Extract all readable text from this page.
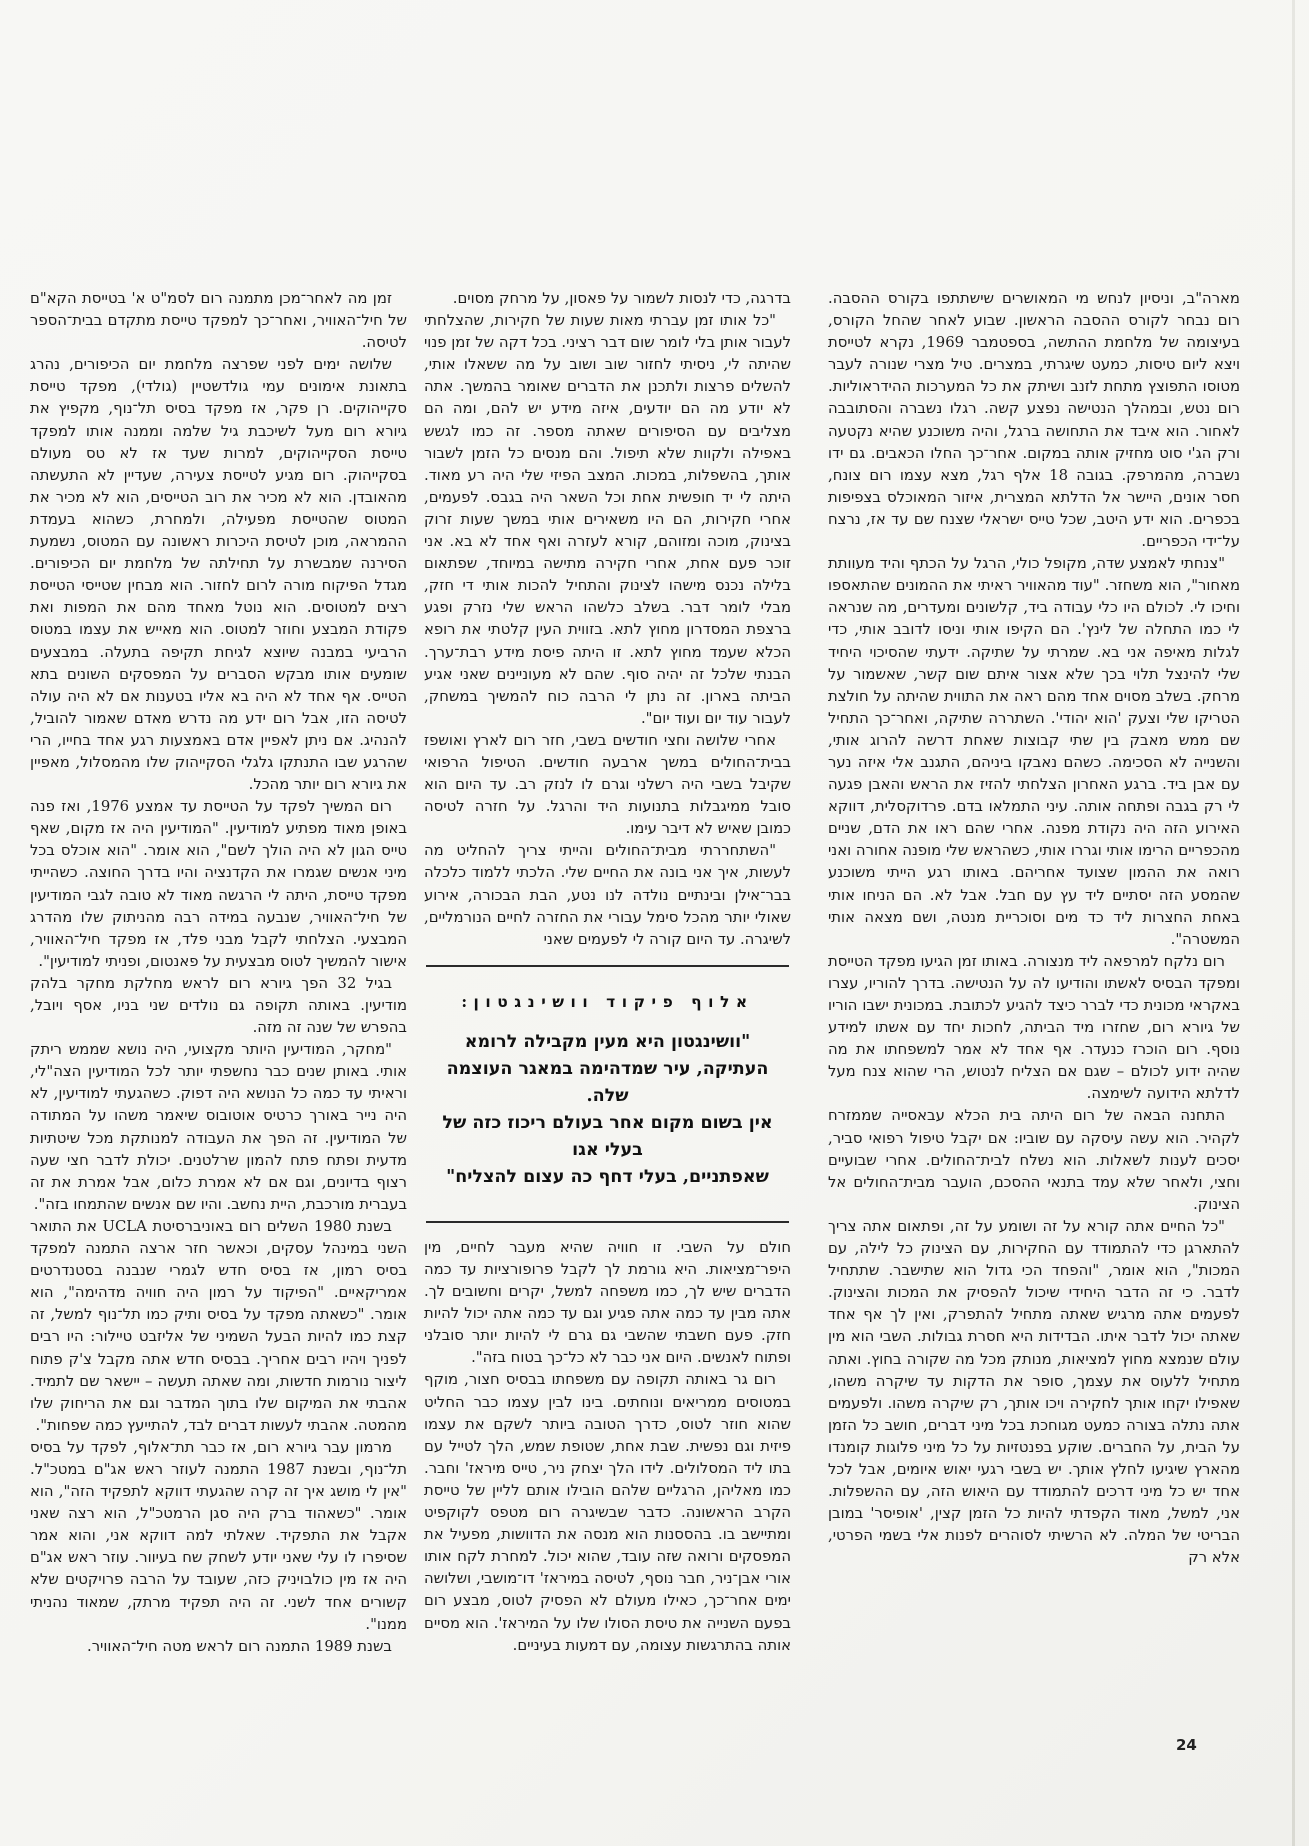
מארה"ב, וניסיון לנחש מי המאושרים שישתתפו בקורס ההסבה. רום נבחר לקורס ההסבה הראשון. שבוע לאחר שהחל הקורס, בעיצומה של מלחמת ההתשה, בספטמבר 1969, נקרא לטייסת ויצא ליום טיסות, כמעט שיגרתי, במצרים. טיל מצרי שנורה לעבר מטוסו התפוצץ מתחת לזנב ושיתק את כל המערכות ההידראוליות. רום נטש, ובמהלך הנטישה נפצע קשה. רגלו נשברה והסתובבה לאחור. הוא איבד את התחושה ברגל, והיה משוכנע שהיא נקטעה ורק הג'י סוט מחזיק אותה במקום. אחר־כך החלו הכאבים. גם ידו נשברה, מהמרפק. בגובה 18 אלף רגל, מצא עצמו רום צונח, חסר אונים, היישר אל הדלתא המצרית, איזור המאוכלס בצפיפות בכפרים. הוא ידע היטב, שכל טייס ישראלי שצנח שם עד אז, נרצח על־ידי הכפריים.
"צנחתי לאמצע שדה, מקופל כולי, הרגל על הכתף והיד מעוותת מאחור", הוא משחזר. "עוד מהאוויר ראיתי את ההמונים שהתאספו וחיכו לי. לכולם היו כלי עבודה ביד, קלשונים ומעדרים, מה שנראה לי כמו התחלה של לינץ'. הם הקיפו אותי וניסו לדובב אותי, כדי לגלות מאיפה אני בא. שמרתי על שתיקה. ידעתי שהסיכוי היחיד שלי להינצל תלוי בכך שלא אצור איתם שום קשר, שאשמור על מרחק. בשלב מסוים אחד מהם ראה את התווית שהיתה על חולצת הטריקו שלי וצעק 'הוא יהודי'. השתררה שתיקה, ואחר־כך התחיל שם ממש מאבק בין שתי קבוצות שאחת דרשה להרוג אותי, והשנייה לא הסכימה. כשהם נאבקו ביניהם, התגנב אלי איזה נער עם אבן ביד. ברגע האחרון הצלחתי להזיז את הראש והאבן פגעה לי רק בגבה ופתחה אותה. עיני התמלאו בדם. פרדוקסלית, דווקא האירוע הזה היה נקודת מפנה. אחרי שהם ראו את הדם, שניים מהכפריים הרימו אותי וגררו אותי, כשהראש שלי מופנה אחורה ואני רואה את ההמון שצועד אחריהם. באותו רגע הייתי משוכנע שהמסע הזה יסתיים ליד עץ עם חבל. אבל לא. הם הניחו אותי באחת החצרות ליד כד מים וסוכריית מנטה, ושם מצאה אותי המשטרה".
רום נלקח למרפאה ליד מנצורה. באותו זמן הגיעו מפקד הטייסת ומפקד הבסיס לאשתו והודיעו לה על הנטישה. בדרך להוריו, עצרו באקראי מכונית כדי לברר כיצד להגיע לכתובת. במכונית ישבו הוריו של גיורא רום, שחזרו מיד הביתה, לחכות יחד עם אשתו למידע נוסף. רום הוכרז כנעדר. אף אחד לא אמר למשפחתו את מה שהיה ידוע לכולם – שגם אם הצליח לנטוש, הרי שהוא צנח מעל לדלתא הידועה לשימצה.
התחנה הבאה של רום היתה בית הכלא עבאסייה שממזרח לקהיר. הוא עשה עיסקה עם שוביו: אם יקבל טיפול רפואי סביר, יסכים לענות לשאלות. הוא נשלח לבית־החולים. אחרי שבועיים וחצי, ולאחר שלא עמד בתנאי ההסכם, הועבר מבית־החולים אל הצינוק.
"כל החיים אתה קורא על זה ושומע על זה, ופתאום אתה צריך להתארגן כדי להתמודד עם החקירות, עם הצינוק כל לילה, עם המכות", הוא אומר, "והפחד הכי גדול הוא שתישבר. שתתחיל לדבר. כי זה הדבר היחידי שיכול להפסיק את המכות והצינוק. לפעמים אתה מרגיש שאתה מתחיל להתפרק, ואין לך אף אחד שאתה יכול לדבר איתו. הבדידות היא חסרת גבולות. השבי הוא מין עולם שנמצא מחוץ למציאות, מנותק מכל מה שקורה בחוץ. ואתה מתחיל ללעוס את עצמך, סופר את הדקות עד שיקרה משהו, שאפילו יקחו אותך לחקירה ויכו אותך, רק שיקרה משהו. ולפעמים אתה נתלה בצורה כמעט מגוחכת בכל מיני דברים, חושב כל הזמן על הבית, על החברים. שוקע בפנטזיות על כל מיני פלוגות קומנדו מהארץ שיגיעו לחלץ אותך. יש בשבי רגעי יאוש איומים, אבל לכל אחד יש כל מיני דרכים להתמודד עם היאוש הזה, עם ההשפלות. אני, למשל, מאוד הקפדתי להיות כל הזמן קצין, 'אופיסר' במובן הבריטי של המלה. לא הרשיתי לסוהרים לפנות אלי בשמי הפרטי, אלא רק
בדרגה, כדי לנסות לשמור על פאסון, על מרחק מסוים.
"כל אותו זמן עברתי מאות שעות של חקירות, שהצלחתי לעבור אותן בלי לומר שום דבר רציני. בכל דקה של זמן פנוי שהיתה לי, ניסיתי לחזור שוב ושוב על מה ששאלו אותי, להשלים פרצות ולתכנן את הדברים שאומר בהמשך. אתה לא יודע מה הם יודעים, איזה מידע יש להם, ומה הם מצליבים עם הסיפורים שאתה מספר. זה כמו לגשש באפילה ולקוות שלא תיפול. והם מנסים כל הזמן לשבור אותך, בהשפלות, במכות. המצב הפיזי שלי היה רע מאוד. היתה לי יד חופשית אחת וכל השאר היה בגבס. לפעמים, אחרי חקירות, הם היו משאירים אותי במשך שעות זרוק בצינוק, מוכה ומזוהם, קורא לעזרה ואף אחד לא בא. אני זוכר פעם אחת, אחרי חקירה מתישה במיוחד, שפתאום בלילה נכנס מישהו לצינוק והתחיל להכות אותי די חזק, מבלי לומר דבר. בשלב כלשהו הראש שלי נזרק ופגע ברצפת המסדרון מחוץ לתא. בזווית העין קלטתי את רופא הכלא שעמד מחוץ לתא. זו היתה פיסת מידע רבת־ערך. הבנתי שלכל זה יהיה סוף. שהם לא מעוניינים שאני אגיע הביתה בארון. זה נתן לי הרבה כוח להמשיך במשחק, לעבור עוד יום ועוד יום".
אחרי שלושה וחצי חודשים בשבי, חזר רום לארץ ואושפז בבית־החולים במשך ארבעה חודשים. הטיפול הרפואי שקיבל בשבי היה רשלני וגרם לו לנזק רב. עד היום הוא סובל ממיגבלות בתנועות היד והרגל. על חזרה לטיסה כמובן שאיש לא דיבר עימו.
"השתחררתי מבית־החולים והייתי צריך להחליט מה לעשות, איך אני בונה את החיים שלי. הלכתי ללמוד כלכלה בבר־אילן ובינתיים נולדה לנו נטע, הבת הבכורה, אירוע שאולי יותר מהכל סימל עבורי את החזרה לחיים הנורמליים, לשיגרה. עד היום קורה לי לפעמים שאני
אלוף פיקוד וושינגטון:
"וושינגטון היא מעין מקבילה לרומא
העתיקה, עיר שמדהימה במאגר העוצמה שלה.
אין בשום מקום אחר בעולם ריכוז כזה של בעלי אגו
שאפתניים, בעלי דחף כה עצום להצליח"
חולם על השבי. זו חוויה שהיא מעבר לחיים, מין היפר־מציאות. היא גורמת לך לקבל פרופורציות עד כמה הדברים שיש לך, כמו משפחה למשל, יקרים וחשובים לך. אתה מבין עד כמה אתה פגיע וגם עד כמה אתה יכול להיות חזק. פעם חשבתי שהשבי גם גרם לי להיות יותר סובלני ופתוח לאנשים. היום אני כבר לא כל־כך בטוח בזה".
רום גר באותה תקופה עם משפחתו בבסיס חצור, מוקף במטוסים ממריאים ונוחתים. בינו לבין עצמו כבר החליט שהוא חוזר לטוס, כדרך הטובה ביותר לשקם את עצמו פיזית וגם נפשית. שבת אחת, שטופת שמש, הלך לטייל עם בתו ליד המסלולים. לידו הלך יצחק ניר, טייס מיראז' וחבר. כמו מאליהן, הרגליים שלהם הובילו אותם לליין של טייסת הקרב הראשונה. כדבר שבשיגרה רום מטפס לקוקפיט ומתיישב בו. בהססנות הוא מנסה את הדוושות, מפעיל את המפסקים ורואה שזה עובד, שהוא יכול. למחרת לקח אותו אורי אבן־ניר, חבר נוסף, לטיסה במיראז' דו־מושבי, ושלושה ימים אחר־כך, כאילו מעולם לא הפסיק לטוס, מבצע רום בפעם השנייה את טיסת הסולו שלו על המיראז'. הוא מסיים אותה בהתרגשות עצומה, עם דמעות בעיניים.
זמן מה לאחר־מכן מתמנה רום לסמ"ט א' בטייסת הקא"ם של חיל־האוויר, ואחר־כך למפקד טייסת מתקדם בבית־הספר לטיסה.
שלושה ימים לפני שפרצה מלחמת יום הכיפורים, נהרג בתאונת אימונים עמי גולדשטיין (גולדי), מפקד טייסת סקייהוקים. רן פקר, אז מפקד בסיס תל־נוף, מקפיץ את גיורא רום מעל לשיכבת גיל שלמה וממנה אותו למפקד טייסת הסקייהוקים, למרות שעד אז לא טס מעולם בסקייהוק. רום מגיע לטייסת צעירה, שעדיין לא התעשתה מהאובדן. הוא לא מכיר את רוב הטייסים, הוא לא מכיר את המטוס שהטייסת מפעילה, ולמחרת, כשהוא בעמדת ההמראה, מוכן לטיסת היכרות ראשונה עם המטוס, נשמעת הסירנה שמבשרת על תחילתה של מלחמת יום הכיפורים. מגדל הפיקוח מורה לרום לחזור. הוא מבחין שטייסי הטייסת רצים למטוסים. הוא נוטל מאחד מהם את המפות ואת פקודת המבצע וחוזר למטוס. הוא מאייש את עצמו במטוס הרביעי במבנה שיוצא לגיחת תקיפה בתעלה. במבצעים שומעים אותו מבקש הסברים על המפסקים השונים בתא הטייס. אף אחד לא היה בא אליו בטענות אם לא היה עולה לטיסה הזו, אבל רום ידע מה נדרש מאדם שאמור להוביל, להנהיג. אם ניתן לאפיין אדם באמצעות רגע אחד בחייו, הרי שהרגע שבו התנתקו גלגלי הסקייהוק שלו מהמסלול, מאפיין את גיורא רום יותר מהכל.
רום המשיך לפקד על הטייסת עד אמצע 1976, ואז פנה באופן מאוד מפתיע למודיעין. "המודיעין היה אז מקום, שאף טייס הגון לא היה הולך לשם", הוא אומר. "הוא אוכלס בכל מיני אנשים שגמרו את הקדנציה והיו בדרך החוצה. כשהייתי מפקד טייסת, היתה לי הרגשה מאוד לא טובה לגבי המודיעין של חיל־האוויר, שנבעה במידה רבה מהניתוק שלו מהדרג המבצעי. הצלחתי לקבל מבני פלד, אז מפקד חיל־האוויר, אישור להמשיך לטוס מבצעית על פאנטום, ופניתי למודיעין".
בגיל 32 הפך גיורא רום לראש מחלקת מחקר בלהק מודיעין. באותה תקופה גם נולדים שני בניו, אסף ויובל, בהפרש של שנה זה מזה.
"מחקר, המודיעין היותר מקצועי, היה נושא שממש ריתק אותי. באותן שנים כבר נחשפתי יותר לכל המודיעין הצה"לי, וראיתי עד כמה כל הנושא היה דפוק. כשהגעתי למודיעין, לא היה נייר באורך כרטיס אוטובוס שיאמר משהו על המתודה של המודיעין. זה הפך את העבודה למנותקת מכל שיטתיות מדעית ופתח פתח להמון שרלטנים. יכולת לדבר חצי שעה רצוף בדיונים, וגם אם לא אמרת כלום, אבל אמרת את זה בעברית מורכבת, היית נחשב. והיו שם אנשים שהתמחו בזה".
בשנת 1980 השלים רום באוניברסיטת UCLA את התואר השני במינהל עסקים, וכאשר חזר ארצה התמנה למפקד בסיס רמון, אז בסיס חדש לגמרי שנבנה בסטנדרטים אמריקאיים. "הפיקוד על רמון היה חוויה מדהימה", הוא אומר. "כשאתה מפקד על בסיס ותיק כמו תל־נוף למשל, זה קצת כמו להיות הבעל השמיני של אליזבט טיילור: היו רבים לפניך ויהיו רבים אחריך. בבסיס חדש אתה מקבל צ'ק פתוח ליצור נורמות חדשות, ומה שאתה תעשה – יישאר שם לתמיד. אהבתי את המיקום שלו בתוך המדבר וגם את הריחוק שלו מהמטה. אהבתי לעשות דברים לבד, להתייעץ כמה שפחות".
מרמון עבר גיורא רום, אז כבר תת־אלוף, לפקד על בסיס תל־נוף, ובשנת 1987 התמנה לעוזר ראש אג"ם במטכ"ל. "אין לי מושג איך זה קרה שהגעתי דווקא לתפקיד הזה", הוא אומר. "כשאהוד ברק היה סגן הרמטכ"ל, הוא רצה שאני אקבל את התפקיד. שאלתי למה דווקא אני, והוא אמר שסיפרו לו עלי שאני יודע לשחק שח בעיוור. עוזר ראש אג"ם היה אז מין כולבויניק כזה, שעובד על הרבה פרויקטים שלא קשורים אחד לשני. זה היה תפקיד מרתק, שמאוד נהניתי ממנו".
בשנת 1989 התמנה רום לראש מטה חיל־האוויר.
24
